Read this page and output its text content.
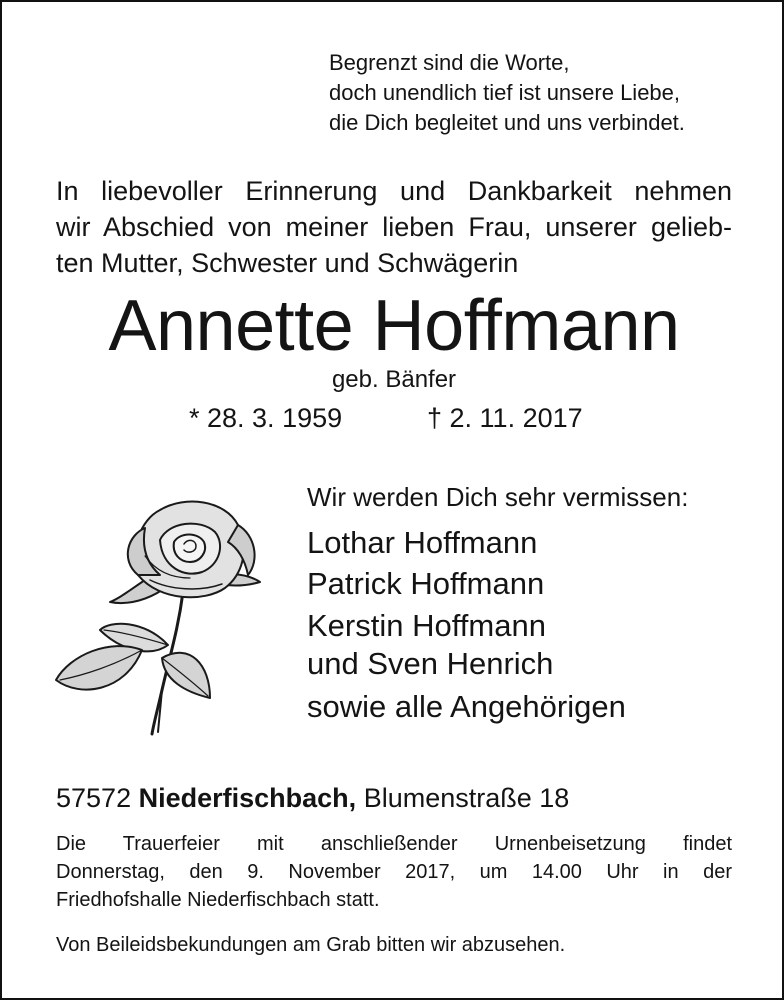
Begrenzt sind die Worte,
doch unendlich tief ist unsere Liebe,
die Dich begleitet und uns verbindet.
In liebevoller Erinnerung und Dankbarkeit nehmen
wir Abschied von meiner lieben Frau, unserer gelieb-
ten Mutter, Schwester und Schwägerin
Annette Hoffmann
geb. Bänfer
* 28. 3. 1959	† 2. 11. 2017
Wir werden Dich sehr vermissen:
Lothar Hoffmann
Patrick Hoffmann
Kerstin Hoffmann
und Sven Henrich
sowie alle Angehörigen
57572 Niederfischbach, Blumenstraße 18
Die Trauerfeier mit anschließender Urnenbeisetzung findet
Donnerstag, den 9. November 2017, um 14.00 Uhr in der
Friedhofshalle Niederfischbach statt.
Von Beileidsbekundungen am Grab bitten wir abzusehen.
